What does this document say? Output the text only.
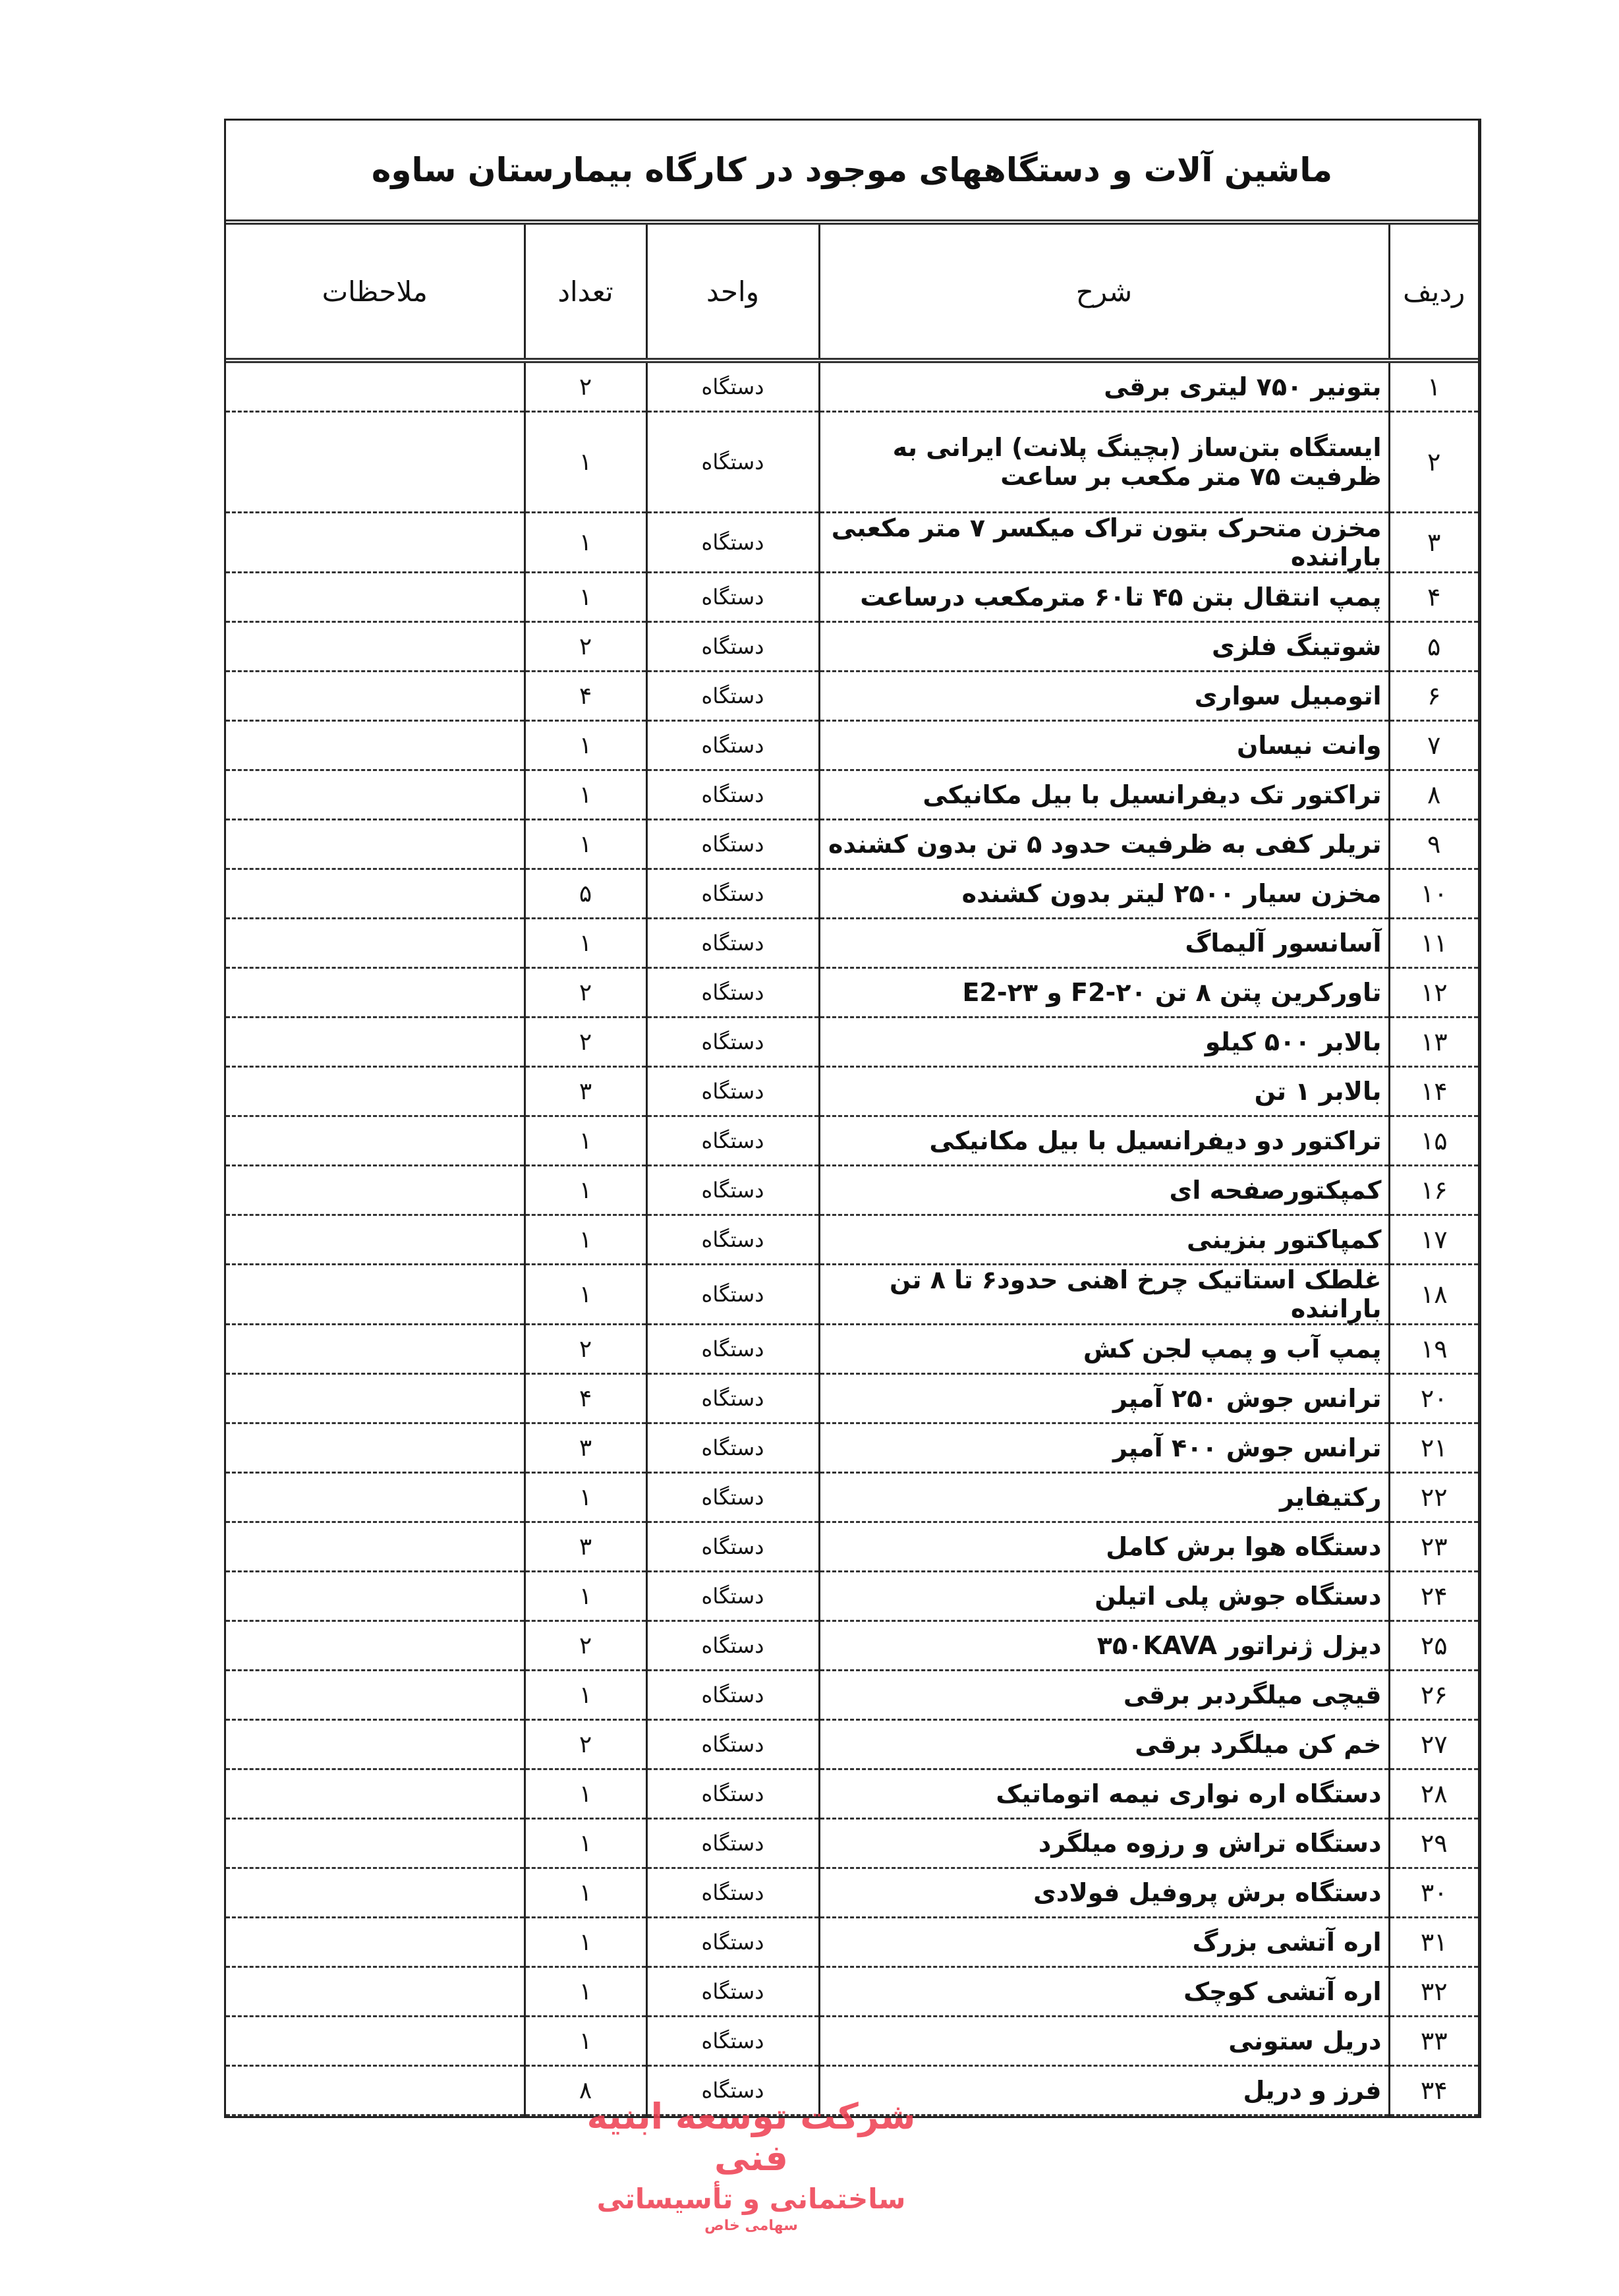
ماشین آلات و دستگاههای موجود در کارگاه بیمارستان ساوه
ردیف	شرح	واحد	تعداد	ملاحظات
۱	بتونیر ۷۵۰ لیتری برقی	دستگاه	۲	
۲	ایستگاه بتن‌ساز (بچینگ پلانت) ایرانی به ظرفیت ۷۵ متر مکعب بر ساعت	دستگاه	۱	
۳	مخزن متحرک بتون تراک میکسر ۷ متر مکعبی باراننده	دستگاه	۱	
۴	پمپ انتقال بتن ۴۵ تا۶۰ مترمکعب درساعت	دستگاه	۱	
۵	شوتینگ فلزی	دستگاه	۲	
۶	اتومبیل سواری	دستگاه	۴	
۷	وانت نیسان	دستگاه	۱	
۸	تراکتور تک دیفرانسیل با بیل مکانیکی	دستگاه	۱	
۹	تریلر کفی به ظرفیت حدود ۵ تن بدون کشنده	دستگاه	۱	
۱۰	مخزن سیار ۲۵۰۰ لیتر بدون کشنده	دستگاه	۵	
۱۱	آسانسور آلیماگ	دستگاه	۱	
۱۲	تاورکرین پتن ۸ تن ۲۰-F2 و ۲۳-E2	دستگاه	۲	
۱۳	بالابر ۵۰۰ کیلو	دستگاه	۲	
۱۴	بالابر ۱ تن	دستگاه	۳	
۱۵	تراکتور دو دیفرانسیل با بیل مکانیکی	دستگاه	۱	
۱۶	کمپکتورصفحه ای	دستگاه	۱	
۱۷	کمپاکتور بنزینی	دستگاه	۱	
۱۸	غلطک استاتیک چرخ اهنی حدود۶ تا ۸ تن باراننده	دستگاه	۱	
۱۹	پمپ آب و پمپ لجن کش	دستگاه	۲	
۲۰	ترانس جوش ۲۵۰ آمپر	دستگاه	۴	
۲۱	ترانس جوش ۴۰۰ آمپر	دستگاه	۳	
۲۲	رکتیفایر	دستگاه	۱	
۲۳	دستگاه هوا برش کامل	دستگاه	۳	
۲۴	دستگاه جوش پلی اتیلن	دستگاه	۱	
۲۵	دیزل ژنراتور ۳۵۰KAVA	دستگاه	۲	
۲۶	قیچی میلگردبر برقی	دستگاه	۱	
۲۷	خم کن میلگرد برقی	دستگاه	۲	
۲۸	دستگاه اره نواری نیمه اتوماتیک	دستگاه	۱	
۲۹	دستگاه تراش و رزوه میلگرد	دستگاه	۱	
۳۰	دستگاه برش پروفیل فولادی	دستگاه	۱	
۳۱	اره آتشی بزرگ	دستگاه	۱	
۳۲	اره آتشی کوچک	دستگاه	۱	
۳۳	دریل ستونی	دستگاه	۱	
۳۴	فرز و دریل	دستگاه	۸	
شرکت توسعه ابنیه فنی
ساختمانی و تأسیساتی
سهامی خاص
